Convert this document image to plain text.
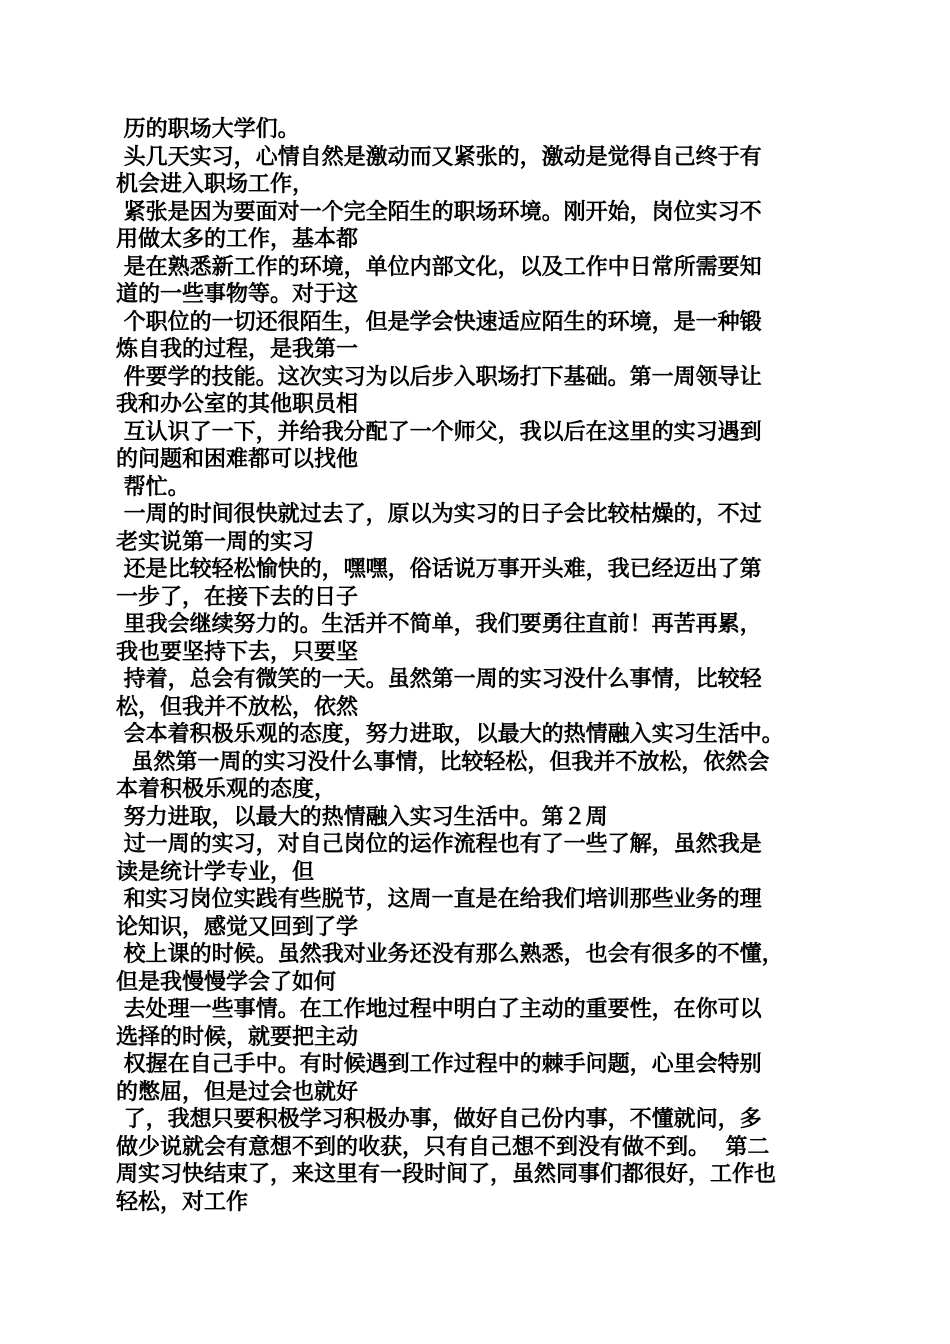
历的职场大学们。
头几天实习，心情自然是激动而又紧张的，激动是觉得自己终于有
机会进入职场工作，
紧张是因为要面对一个完全陌生的职场环境。刚开始，岗位实习不
用做太多的工作，基本都
是在熟悉新工作的环境，单位内部文化，以及工作中日常所需要知
道的一些事物等。对于这
个职位的一切还很陌生，但是学会快速适应陌生的环境，是一种锻
炼自我的过程，是我第一
件要学的技能。这次实习为以后步入职场打下基础。第一周领导让
我和办公室的其他职员相
互认识了一下，并给我分配了一个师父，我以后在这里的实习遇到
的问题和困难都可以找他
帮忙。
一周的时间很快就过去了，原以为实习的日子会比较枯燥的，不过
老实说第一周的实习
还是比较轻松愉快的，嘿嘿，俗话说万事开头难，我已经迈出了第
一步了，在接下去的日子
里我会继续努力的。生活并不简单，我们要勇往直前！再苦再累，
我也要坚持下去，只要坚
持着，总会有微笑的一天。虽然第一周的实习没什么事情，比较轻
松，但我并不放松，依然
会本着积极乐观的态度，努力进取，以最大的热情融入实习生活中。
虽然第一周的实习没什么事情，比较轻松，但我并不放松，依然会
本着积极乐观的态度，
努力进取，以最大的热情融入实习生活中。第２周
过一周的实习，对自己岗位的运作流程也有了一些了解，虽然我是
读是统计学专业，但
和实习岗位实践有些脱节，这周一直是在给我们培训那些业务的理
论知识，感觉又回到了学
校上课的时候。虽然我对业务还没有那么熟悉，也会有很多的不懂，
但是我慢慢学会了如何
去处理一些事情。在工作地过程中明白了主动的重要性，在你可以
选择的时候，就要把主动
权握在自己手中。有时候遇到工作过程中的棘手问题，心里会特别
的憋屈，但是过会也就好
了，我想只要积极学习积极办事，做好自己份内事，不懂就问，多
做少说就会有意想不到的收获，只有自己想不到没有做不到。  第二
周实习快结束了，来这里有一段时间了，虽然同事们都很好，工作也
轻松，对工作
